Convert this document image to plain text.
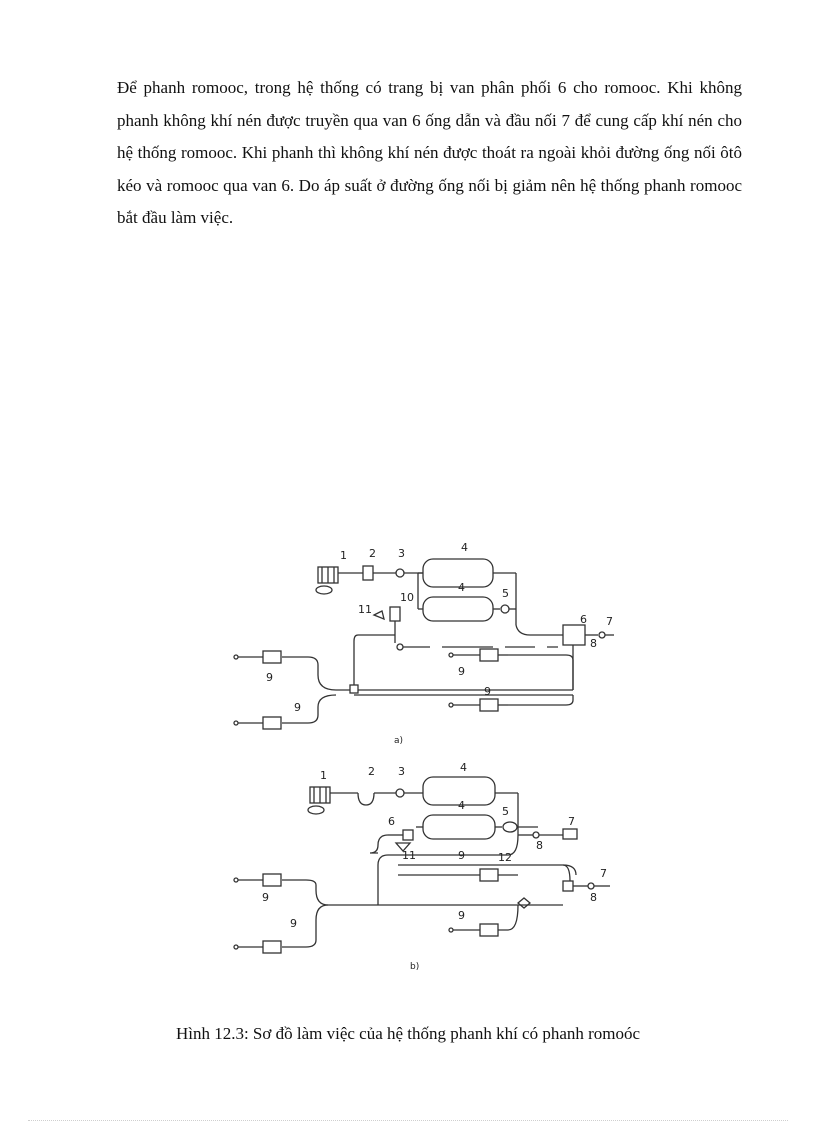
Để phanh romooc, trong hệ thống có trang bị van phân phối 6 cho romooc. Khi không phanh không khí nén được truyền qua van 6 ống dẫn và đầu nối 7 để cung cấp khí nén cho hệ thống romooc. Khi phanh thì không khí nén được thoát ra ngoài khỏi đường ống nối ôtô kéo và romooc qua van 6. Do áp suất ở đường ống nối bị giảm nên hệ thống phanh romooc bắt đầu làm việc.

1 2 3	4
4	5
10
11
6 7
8
9
9
9
9
a)
1	2 3	4
4	5
6
11
8
7
9	12
7
8
9
9
9
b)

Hình 12.3: Sơ đồ làm việc của hệ thống phanh khí có phanh romoóc
